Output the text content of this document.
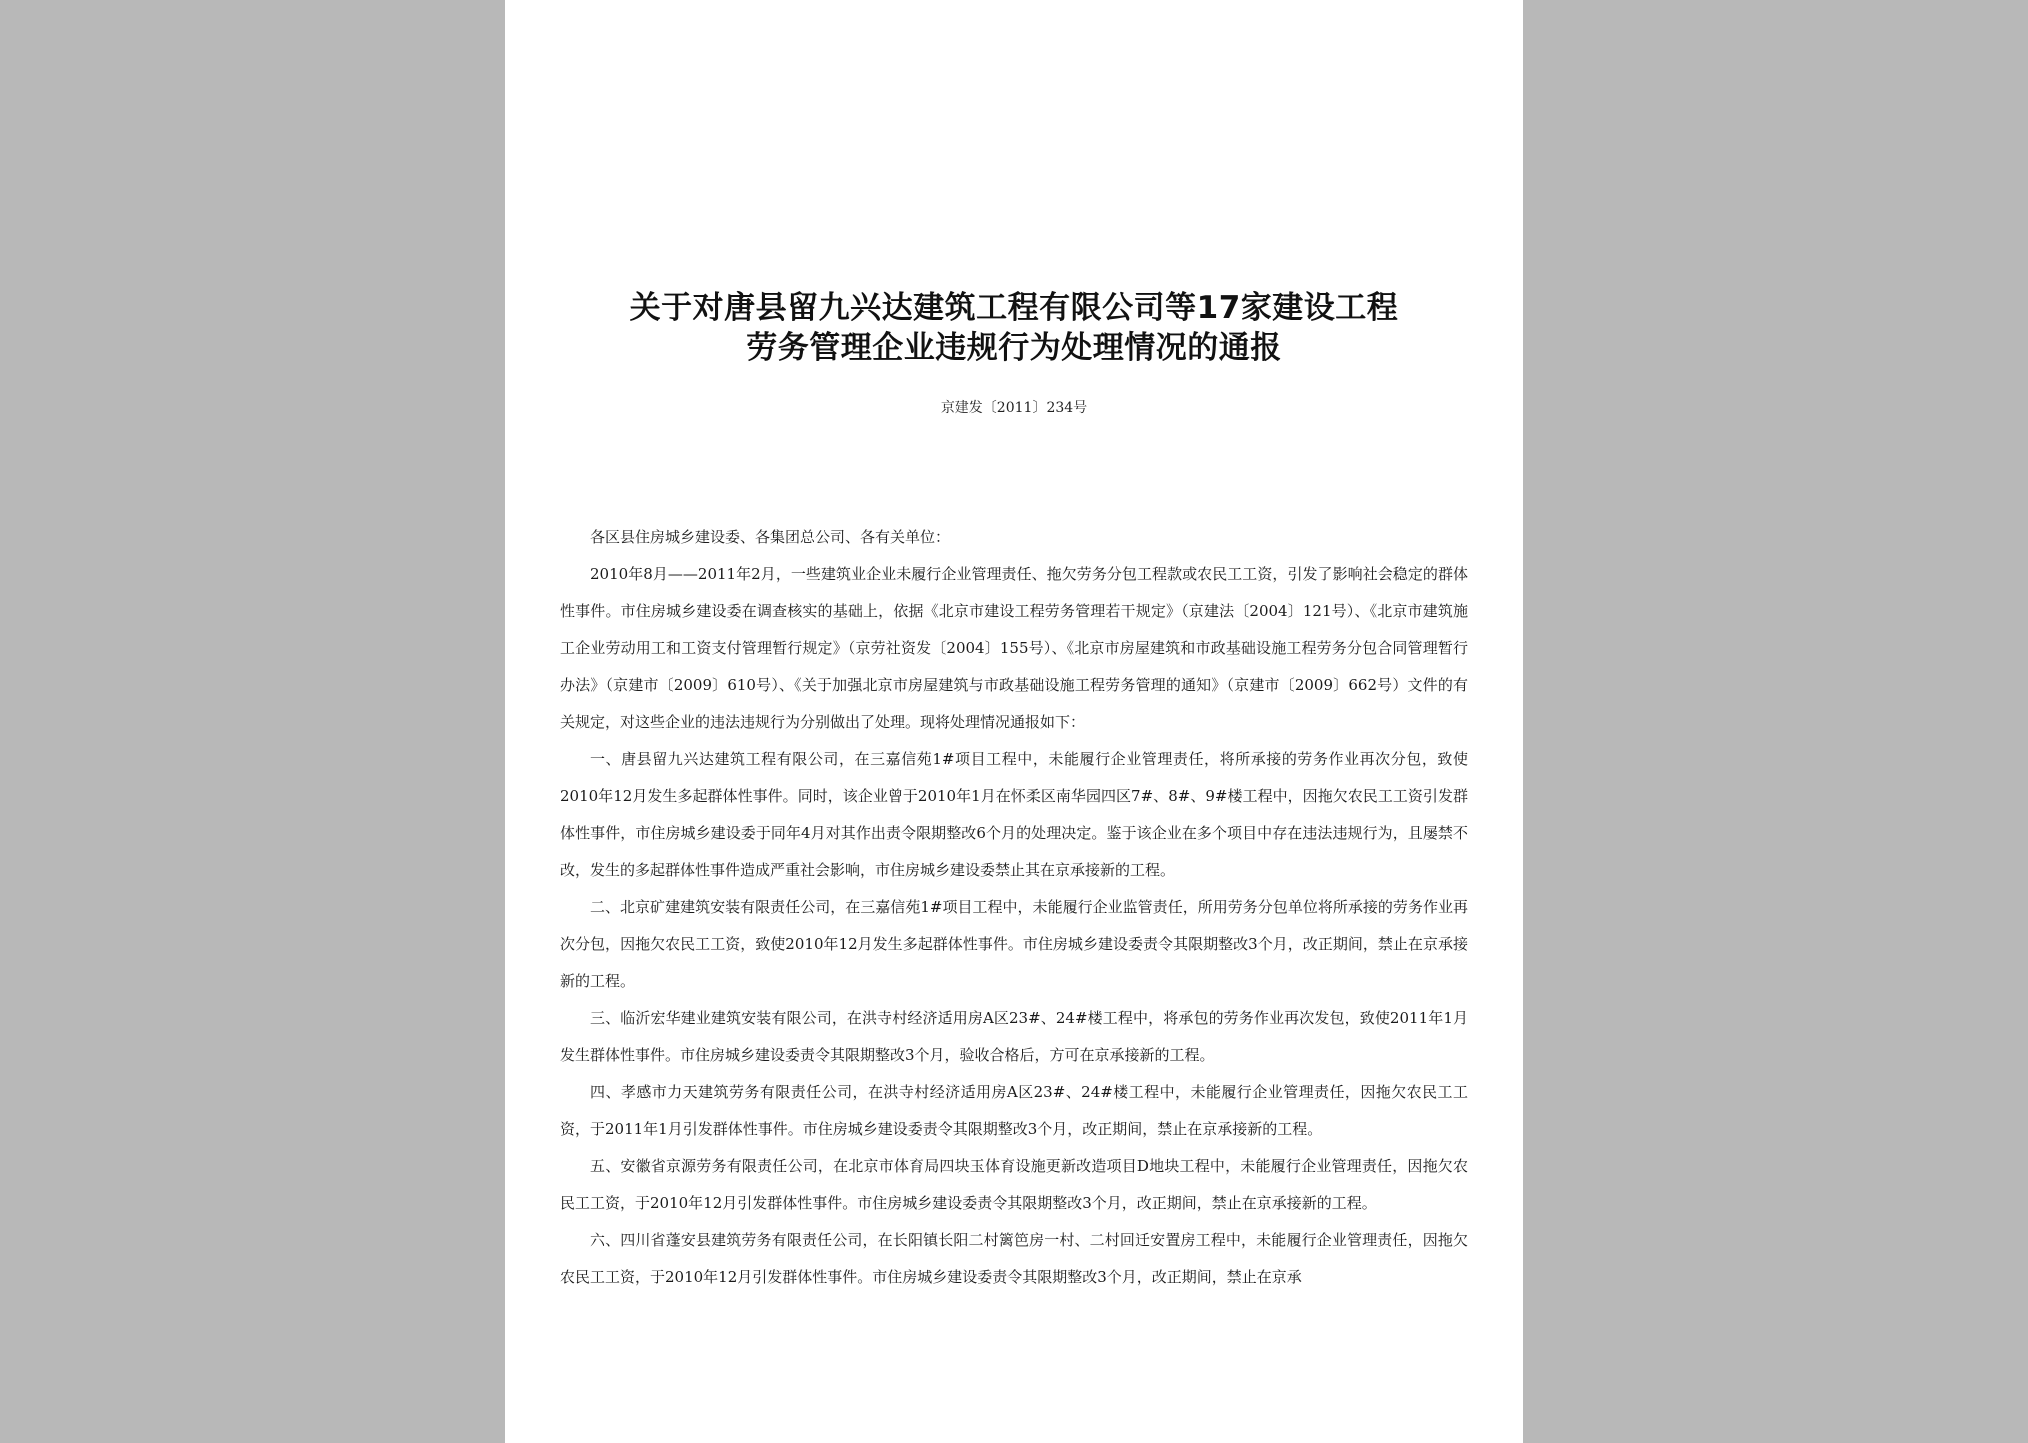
关于对唐县留九兴达建筑工程有限公司等17家建设工程
劳务管理企业违规行为处理情况的通报
京建发〔2011〕234号

各区县住房城乡建设委、各集团总公司、各有关单位：

2010年8月——2011年2月，一些建筑业企业未履行企业管理责任、拖欠劳务分包工程款或农民工工资，引发了影响社会稳定的群体性事件。市住房城乡建设委在调查核实的基础上，依据《北京市建设工程劳务管理若干规定》（京建法〔2004〕121号）、《北京市建筑施工企业劳动用工和工资支付管理暂行规定》（京劳社资发〔2004〕155号）、《北京市房屋建筑和市政基础设施工程劳务分包合同管理暂行办法》（京建市〔2009〕610号）、《关于加强北京市房屋建筑与市政基础设施工程劳务管理的通知》（京建市〔2009〕662号）文件的有关规定，对这些企业的违法违规行为分别做出了处理。现将处理情况通报如下：

一、唐县留九兴达建筑工程有限公司，在三嘉信苑1#项目工程中，未能履行企业管理责任，将所承接的劳务作业再次分包，致使2010年12月发生多起群体性事件。同时，该企业曾于2010年1月在怀柔区南华园四区7#、8#、9#楼工程中，因拖欠农民工工资引发群体性事件，市住房城乡建设委于同年4月对其作出责令限期整改6个月的处理决定。鉴于该企业在多个项目中存在违法违规行为，且屡禁不改，发生的多起群体性事件造成严重社会影响，市住房城乡建设委禁止其在京承接新的工程。

二、北京矿建建筑安装有限责任公司，在三嘉信苑1#项目工程中，未能履行企业监管责任，所用劳务分包单位将所承接的劳务作业再次分包，因拖欠农民工工资，致使2010年12月发生多起群体性事件。市住房城乡建设委责令其限期整改3个月，改正期间，禁止在京承接新的工程。

三、临沂宏华建业建筑安装有限公司，在洪寺村经济适用房A区23#、24#楼工程中，将承包的劳务作业再次发包，致使2011年1月发生群体性事件。市住房城乡建设委责令其限期整改3个月，验收合格后，方可在京承接新的工程。

四、孝感市力天建筑劳务有限责任公司，在洪寺村经济适用房A区23#、24#楼工程中，未能履行企业管理责任，因拖欠农民工工资，于2011年1月引发群体性事件。市住房城乡建设委责令其限期整改3个月，改正期间，禁止在京承接新的工程。

五、安徽省京源劳务有限责任公司，在北京市体育局四块玉体育设施更新改造项目D地块工程中，未能履行企业管理责任，因拖欠农民工工资，于2010年12月引发群体性事件。市住房城乡建设委责令其限期整改3个月，改正期间，禁止在京承接新的工程。

六、四川省蓬安县建筑劳务有限责任公司，在长阳镇长阳二村篱笆房一村、二村回迁安置房工程中，未能履行企业管理责任，因拖欠农民工工资，于2010年12月引发群体性事件。市住房城乡建设委责令其限期整改3个月，改正期间，禁止在京承
